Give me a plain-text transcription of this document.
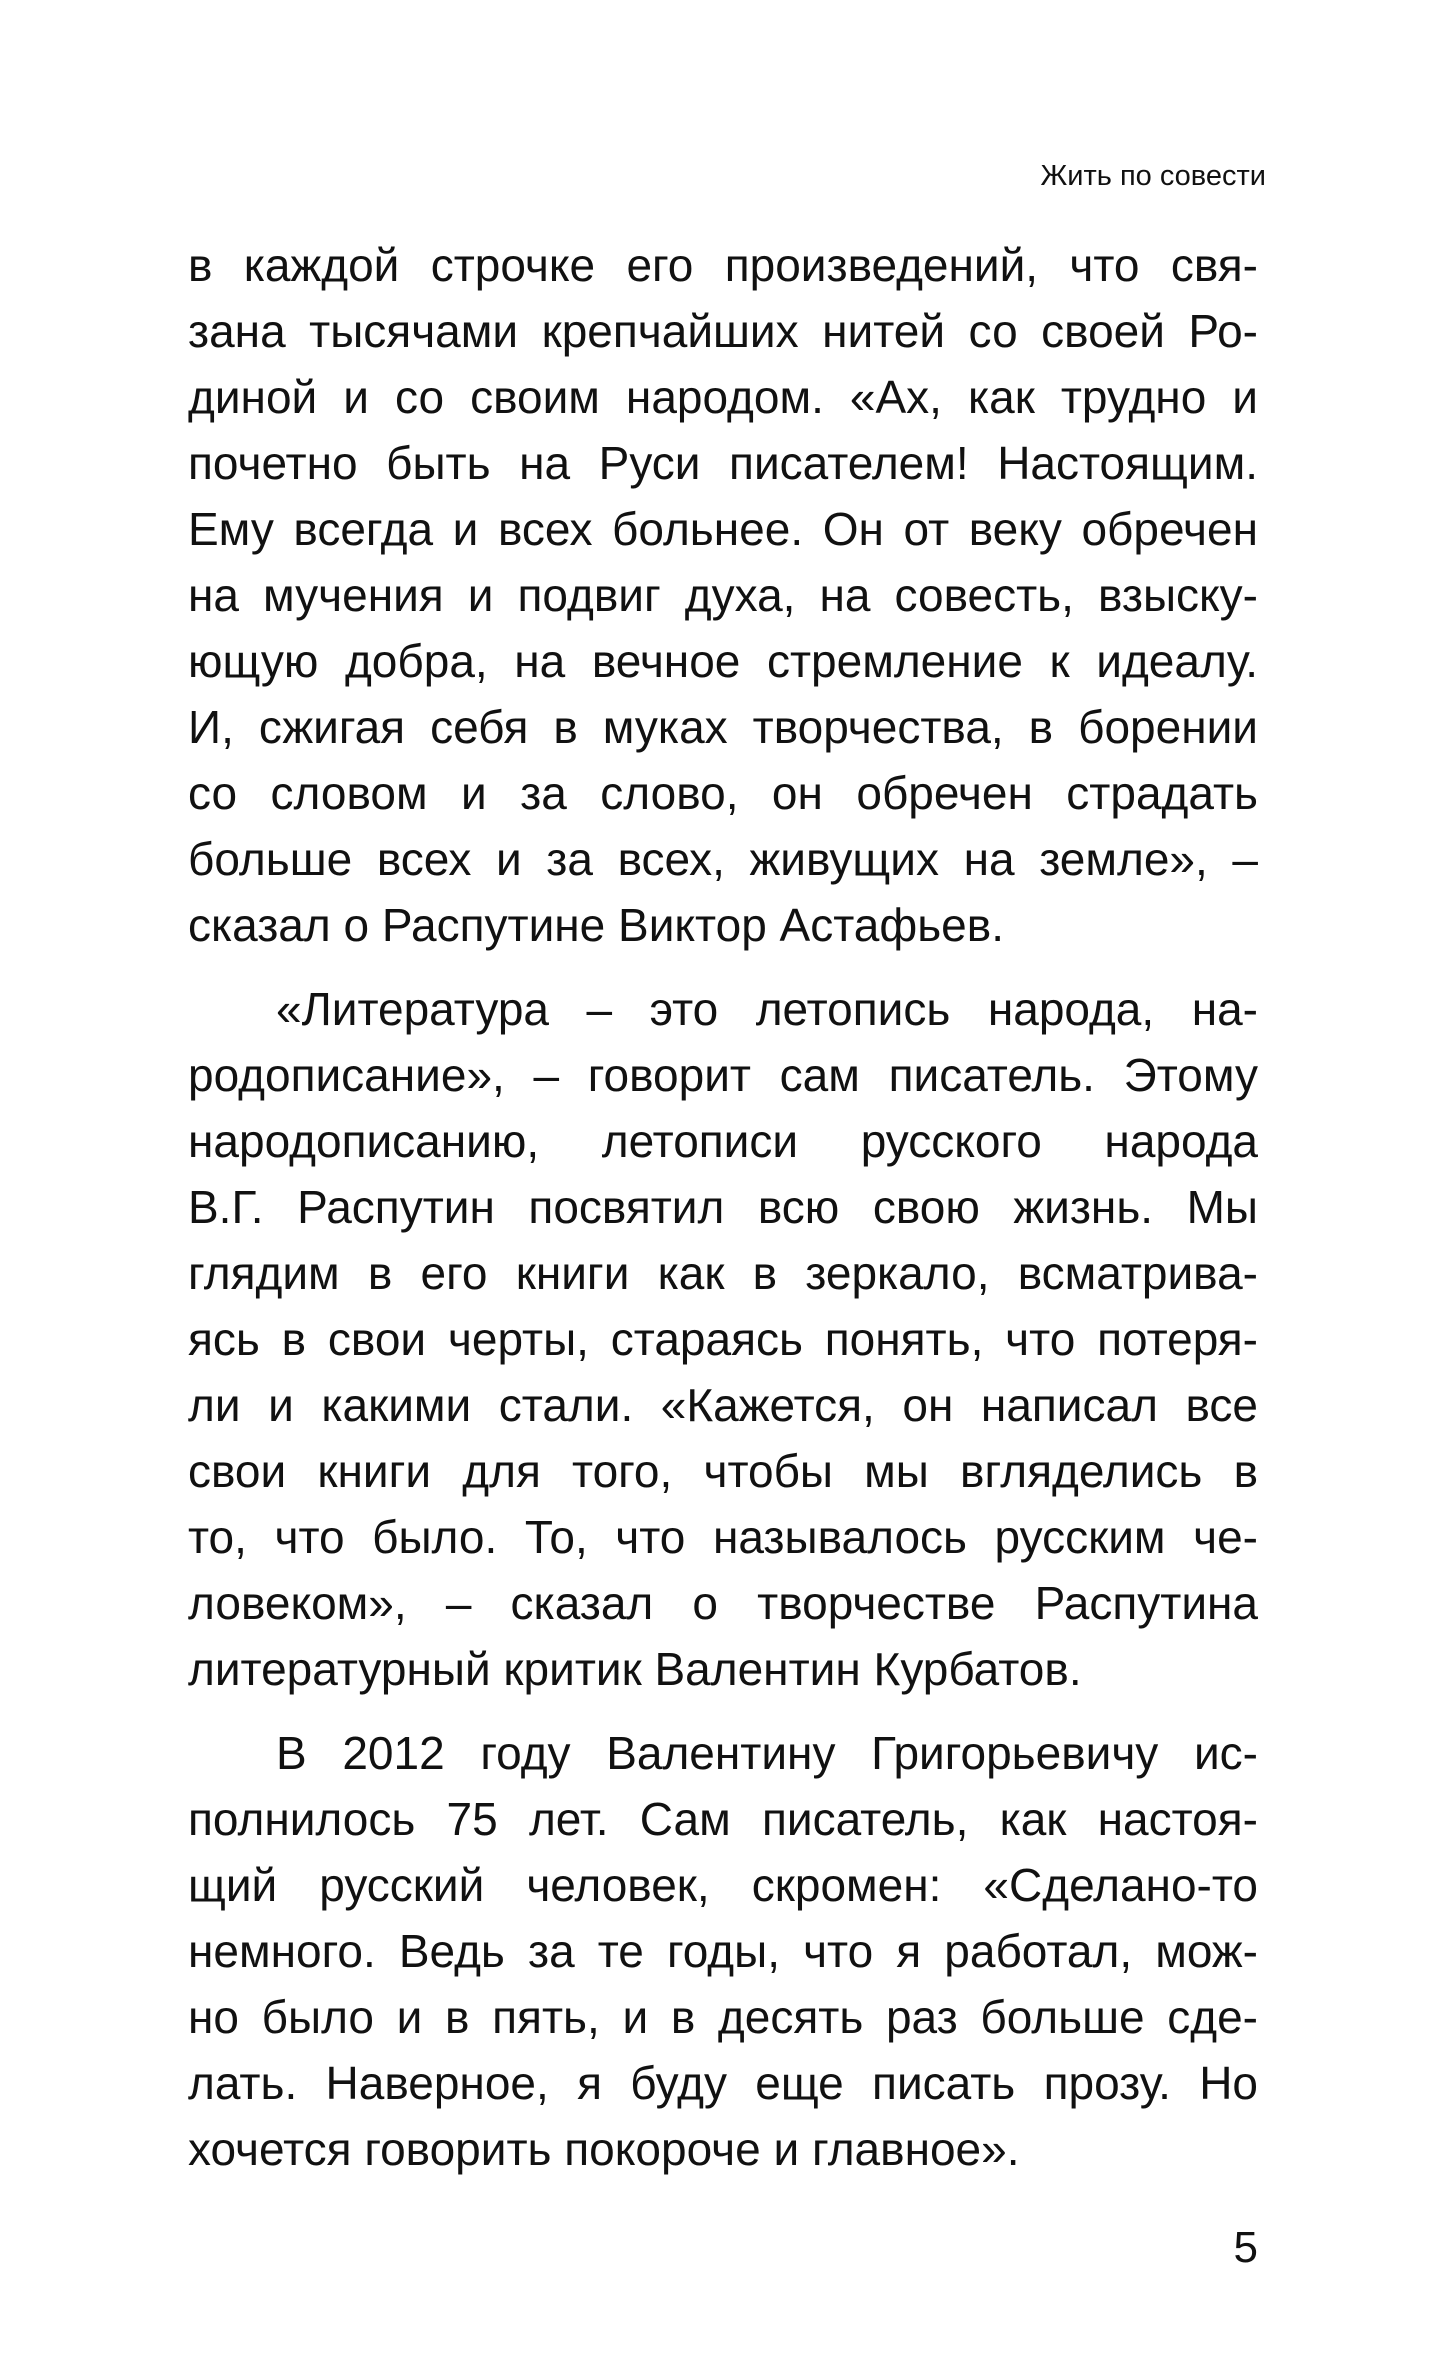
Жить по совести
в каждой строчке его произведений, что свя-
зана тысячами крепчайших нитей со своей Ро-
диной и со своим народом. «Ах, как трудно и
почетно быть на Руси писателем! Настоящим.
Ему всегда и всех больнее. Он от веку обречен
на мучения и подвиг духа, на совесть, взыску-
ющую добра, на вечное стремление к идеалу.
И, сжигая себя в муках творчества, в борении
со словом и за слово, он обречен страдать
больше всех и за всех, живущих на земле», –
сказал о Распутине Виктор Астафьев.
«Литература – это летопись народа, на-
родописание», – говорит сам писатель. Этому
народописанию, летописи русского народа
В.Г. Распутин посвятил всю свою жизнь. Мы
глядим в его книги как в зеркало, всматрива-
ясь в свои черты, стараясь понять, что потеря-
ли и какими стали. «Кажется, он написал все
свои книги для того, чтобы мы вгляделись в
то, что было. То, что называлось русским че-
ловеком», – сказал о творчестве Распутина
литературный критик Валентин Курбатов.
В 2012 году Валентину Григорьевичу ис-
полнилось 75 лет. Сам писатель, как настоя-
щий русский человек, скромен: «Сделано-то
немного. Ведь за те годы, что я работал, мож-
но было и в пять, и в десять раз больше сде-
лать. Наверное, я буду еще писать прозу. Но
хочется говорить покороче и главное».
5
